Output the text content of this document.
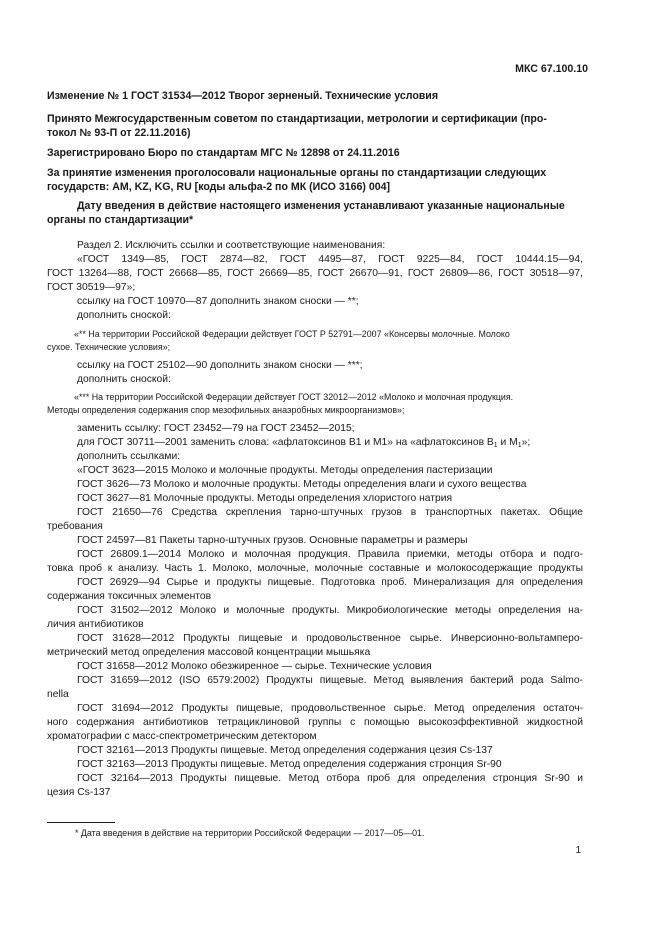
МКС 67.100.10
Изменение № 1 ГОСТ 31534—2012 Творог зерненый. Технические условия
Принято Межгосударственным советом по стандартизации, метрологии и сертификации (про-
токол № 93-П от 22.11.2016)
Зарегистрировано Бюро по стандартам МГС № 12898 от 24.11.2016
За принятие изменения проголосовали национальные органы по стандартизации следующих
государств: AM, KZ, KG, RU [коды альфа-2 по МК (ИСО 3166) 004]
Дату введения в действие настоящего изменения устанавливают указанные национальные
органы по стандартизации*
Раздел 2. Исключить ссылки и соответствующие наименования:
«ГОСТ 1349—85, ГОСТ 2874—82, ГОСТ 4495—87, ГОСТ 9225—84, ГОСТ 10444.15—94,
ГОСТ 13264—88, ГОСТ 26668—85, ГОСТ 26669—85, ГОСТ 26670—91, ГОСТ 26809—86, ГОСТ 30518—97,
ГОСТ 30519—97»;
ссылку на ГОСТ 10970—87 дополнить знаком сноски — **;
дополнить сноской:
«** На территории Российской Федерации действует ГОСТ Р 52791—2007 «Консервы молочные. Молоко
сухое. Технические условия»;
ссылку на ГОСТ 25102—90 дополнить знаком сноски — ***;
дополнить сноской:
«*** На территории Российской Федерации действует ГОСТ 32012—2012 «Молоко и молочная продукция.
Методы определения содержания спор мезофильных анаэробных микроорганизмов»;
заменить ссылку: ГОСТ 23452—79 на ГОСТ 23452—2015;
для ГОСТ 30711—2001 заменить слова: «афлатоксинов B1 и M1» на «афлатоксинов $B_1$ и $M_1$»;
дополнить ссылками:
«ГОСТ 3623—2015 Молоко и молочные продукты. Методы определения пастеризации
ГОСТ 3626—73 Молоко и молочные продукты. Методы определения влаги и сухого вещества
ГОСТ 3627—81 Молочные продукты. Методы определения хлористого натрия
ГОСТ 21650—76 Средства скрепления тарно-штучных грузов в транспортных пакетах. Общие
требования
ГОСТ 24597—81 Пакеты тарно-штучных грузов. Основные параметры и размеры
ГОСТ 26809.1—2014 Молоко и молочная продукция. Правила приемки, методы отбора и подго-
товка проб к анализу. Часть 1. Молоко, молочные, молочные составные и молокосодержащие продукты
ГОСТ 26929—94 Сырье и продукты пищевые. Подготовка проб. Минерализация для определения
содержания токсичных элементов
ГОСТ 31502—2012 Молоко и молочные продукты. Микробиологические методы определения на-
личия антибиотиков
ГОСТ 31628—2012 Продукты пищевые и продовольственное сырье. Инверсионно-вольтамперо-
метрический метод определения массовой концентрации мышьяка
ГОСТ 31658—2012 Молоко обезжиренное — сырье. Технические условия
ГОСТ 31659—2012 (ISO 6579:2002) Продукты пищевые. Метод выявления бактерий рода Salmo-
nella
ГОСТ 31694—2012 Продукты пищевые, продовольственное сырье. Метод определения остаточ-
ного содержания антибиотиков тетрациклиновой группы с помощью высокоэффективной жидкостной
хроматографии с масс-спектрометрическим детектором
ГОСТ 32161—2013 Продукты пищевые. Метод определения содержания цезия Cs-137
ГОСТ 32163—2013 Продукты пищевые. Метод определения содержания стронция Sr-90
ГОСТ 32164—2013 Продукты пищевые. Метод отбора проб для определения стронция Sr-90 и
цезия Cs-137
* Дата введения в действие на территории Российской Федерации — 2017—05—01.
1
